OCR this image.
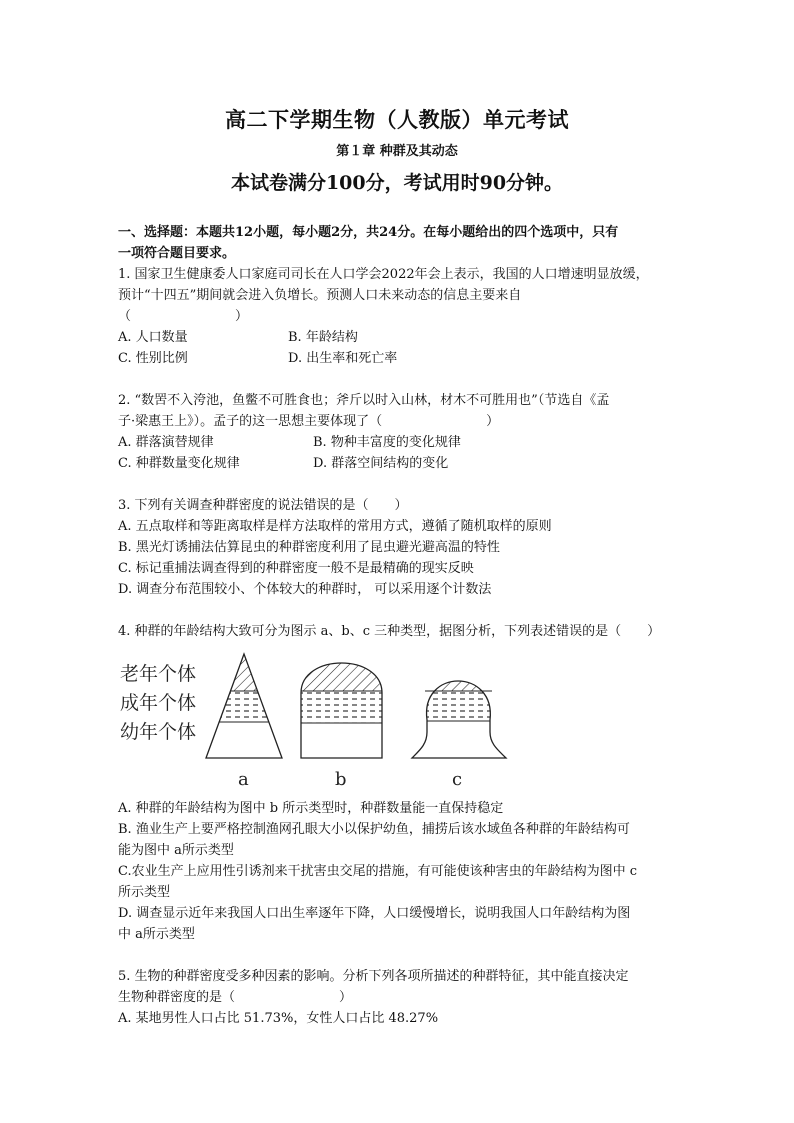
高二下学期生物（人教版）单元考试
第１章 种群及其动态
本试卷满分100分，考试用时90分钟。
一、选择题：本题共12小题，每小题2分，共24分。在每小题给出的四个选项中，只有
一项符合题目要求。
1. 国家卫生健康委人口家庭司司长在人口学会2022年会上表示，我国的人口增速明显放缓，
预计“十四五”期间就会进入负增长。预测人口未来动态的信息主要来自
（　　　　　　　　）
A. 人口数量	B. 年龄结构
C. 性别比例	D. 出生率和死亡率
2. “数罟不入洿池，鱼鳖不可胜食也；斧斤以时入山林，材木不可胜用也”（节选自《孟
子·梁惠王上》）。孟子的这一思想主要体现了（　　　　　　　　）
A. 群落演替规律	B. 物种丰富度的变化规律
C. 种群数量变化规律	D. 群落空间结构的变化
3. 下列有关调查种群密度的说法错误的是（　　）
A. 五点取样和等距离取样是样方法取样的常用方式，遵循了随机取样的原则
B. 黑光灯诱捕法估算昆虫的种群密度利用了昆虫避光避高温的特性
C. 标记重捕法调查得到的种群密度一般不是最精确的现实反映
D. 调查分布范围较小、个体较大的种群时， 可以采用逐个计数法
4. 种群的年龄结构大致可分为图示 a、b、c 三种类型，据图分析，下列表述错误的是（　　）
老年个体
成年个体
幼年个体
a	b	c
A. 种群的年龄结构为图中 b 所示类型时，种群数量能一直保持稳定
B. 渔业生产上要严格控制渔网孔眼大小以保护幼鱼，捕捞后该水域鱼各种群的年龄结构可
能为图中 a所示类型
C.农业生产上应用性引诱剂来干扰害虫交尾的措施，有可能使该种害虫的年龄结构为图中 c
所示类型
D. 调查显示近年来我国人口出生率逐年下降，人口缓慢增长，说明我国人口年龄结构为图
中 a所示类型
5. 生物的种群密度受多种因素的影响。分析下列各项所描述的种群特征，其中能直接决定
生物种群密度的是（　　　　　　　　）
A. 某地男性人口占比 51.73%，女性人口占比 48.27%
